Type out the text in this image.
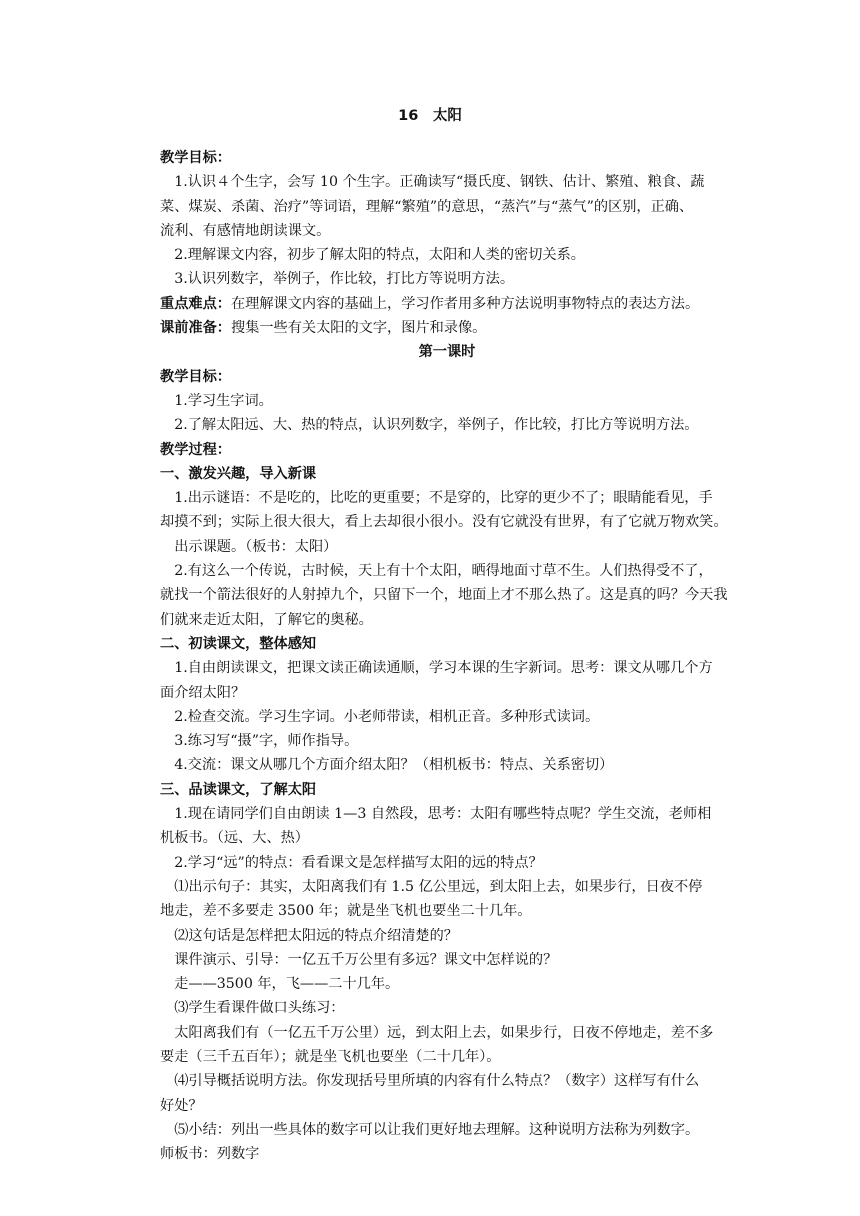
16　太阳
教学目标：
　1.认识４个生字，会写 10 个生字。正确读写“摄氏度、钢铁、估计、繁殖、粮食、蔬
菜、煤炭、杀菌、治疗”等词语，理解“繁殖”的意思，“蒸汽”与“蒸气”的区别，正确、
流利、有感情地朗读课文。
　2.理解课文内容，初步了解太阳的特点，太阳和人类的密切关系。
　3.认识列数字，举例子，作比较，打比方等说明方法。
重点难点：在理解课文内容的基础上，学习作者用多种方法说明事物特点的表达方法。
课前准备：搜集一些有关太阳的文字，图片和录像。
第一课时
教学目标：
　1.学习生字词。
　2.了解太阳远、大、热的特点，认识列数字，举例子，作比较，打比方等说明方法。
教学过程：
一、激发兴趣，导入新课
　1.出示谜语：不是吃的，比吃的更重要；不是穿的，比穿的更少不了；眼睛能看见，手
却摸不到；实际上很大很大，看上去却很小很小。没有它就没有世界，有了它就万物欢笑。
　出示课题。（板书：太阳）
　2.有这么一个传说，古时候，天上有十个太阳，晒得地面寸草不生。人们热得受不了，
就找一个箭法很好的人射掉九个，只留下一个，地面上才不那么热了。这是真的吗？今天我
们就来走近太阳，了解它的奥秘。
二、初读课文，整体感知
　1.自由朗读课文，把课文读正确读通顺，学习本课的生字新词。思考：课文从哪几个方
面介绍太阳？
　2.检查交流。学习生字词。小老师带读，相机正音。多种形式读词。
　3.练习写“摄”字，师作指导。
　4.交流：课文从哪几个方面介绍太阳？（相机板书：特点、关系密切）
三、品读课文，了解太阳
　1.现在请同学们自由朗读 1—3 自然段，思考：太阳有哪些特点呢？学生交流，老师相
机板书。（远、大、热）
　2.学习“远”的特点：看看课文是怎样描写太阳的远的特点？
　⑴出示句子：其实，太阳离我们有 1.5 亿公里远，到太阳上去，如果步行，日夜不停
地走，差不多要走 3500 年；就是坐飞机也要坐二十几年。
　⑵这句话是怎样把太阳远的特点介绍清楚的？
　课件演示、引导：一亿五千万公里有多远？课文中怎样说的？
　走——3500 年，飞——二十几年。
　⑶学生看课件做口头练习：
　太阳离我们有（一亿五千万公里）远，到太阳上去，如果步行，日夜不停地走，差不多
要走（三千五百年）；就是坐飞机也要坐（二十几年）。
　⑷引导概括说明方法。你发现括号里所填的内容有什么特点？（数字）这样写有什么
好处？
　⑸小结：列出一些具体的数字可以让我们更好地去理解。这种说明方法称为列数字。
师板书：列数字
